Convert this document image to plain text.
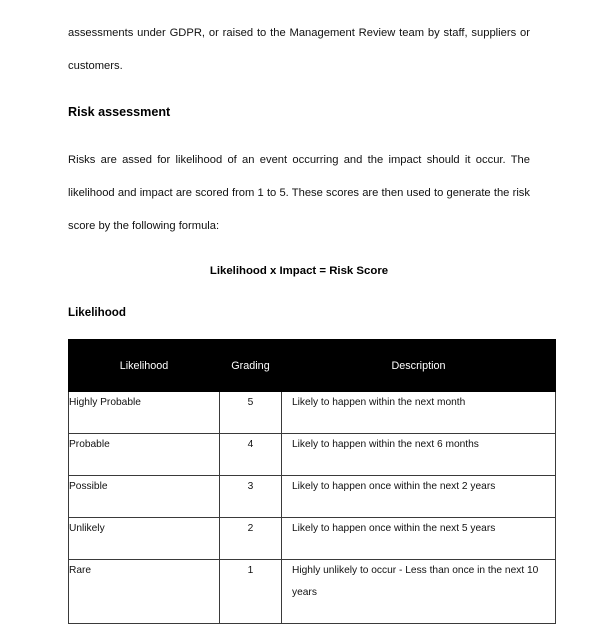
assessments under GDPR, or raised to the Management Review team by staff, suppliers or customers.

Risk assessment

Risks are assed for likelihood of an event occurring and the impact should it occur. The likelihood and impact are scored from 1 to 5. These scores are then used to generate the risk score by the following formula:

Likelihood x Impact = Risk Score

Likelihood
Likelihood	Grading	Description
Highly Probable	5	Likely to happen within the next month
Probable	4	Likely to happen within the next 6 months
Possible	3	Likely to happen once within the next 2 years
Unlikely	2	Likely to happen once within the next 5 years
Rare	1	Highly unlikely to occur - Less than once in the next 10 years
